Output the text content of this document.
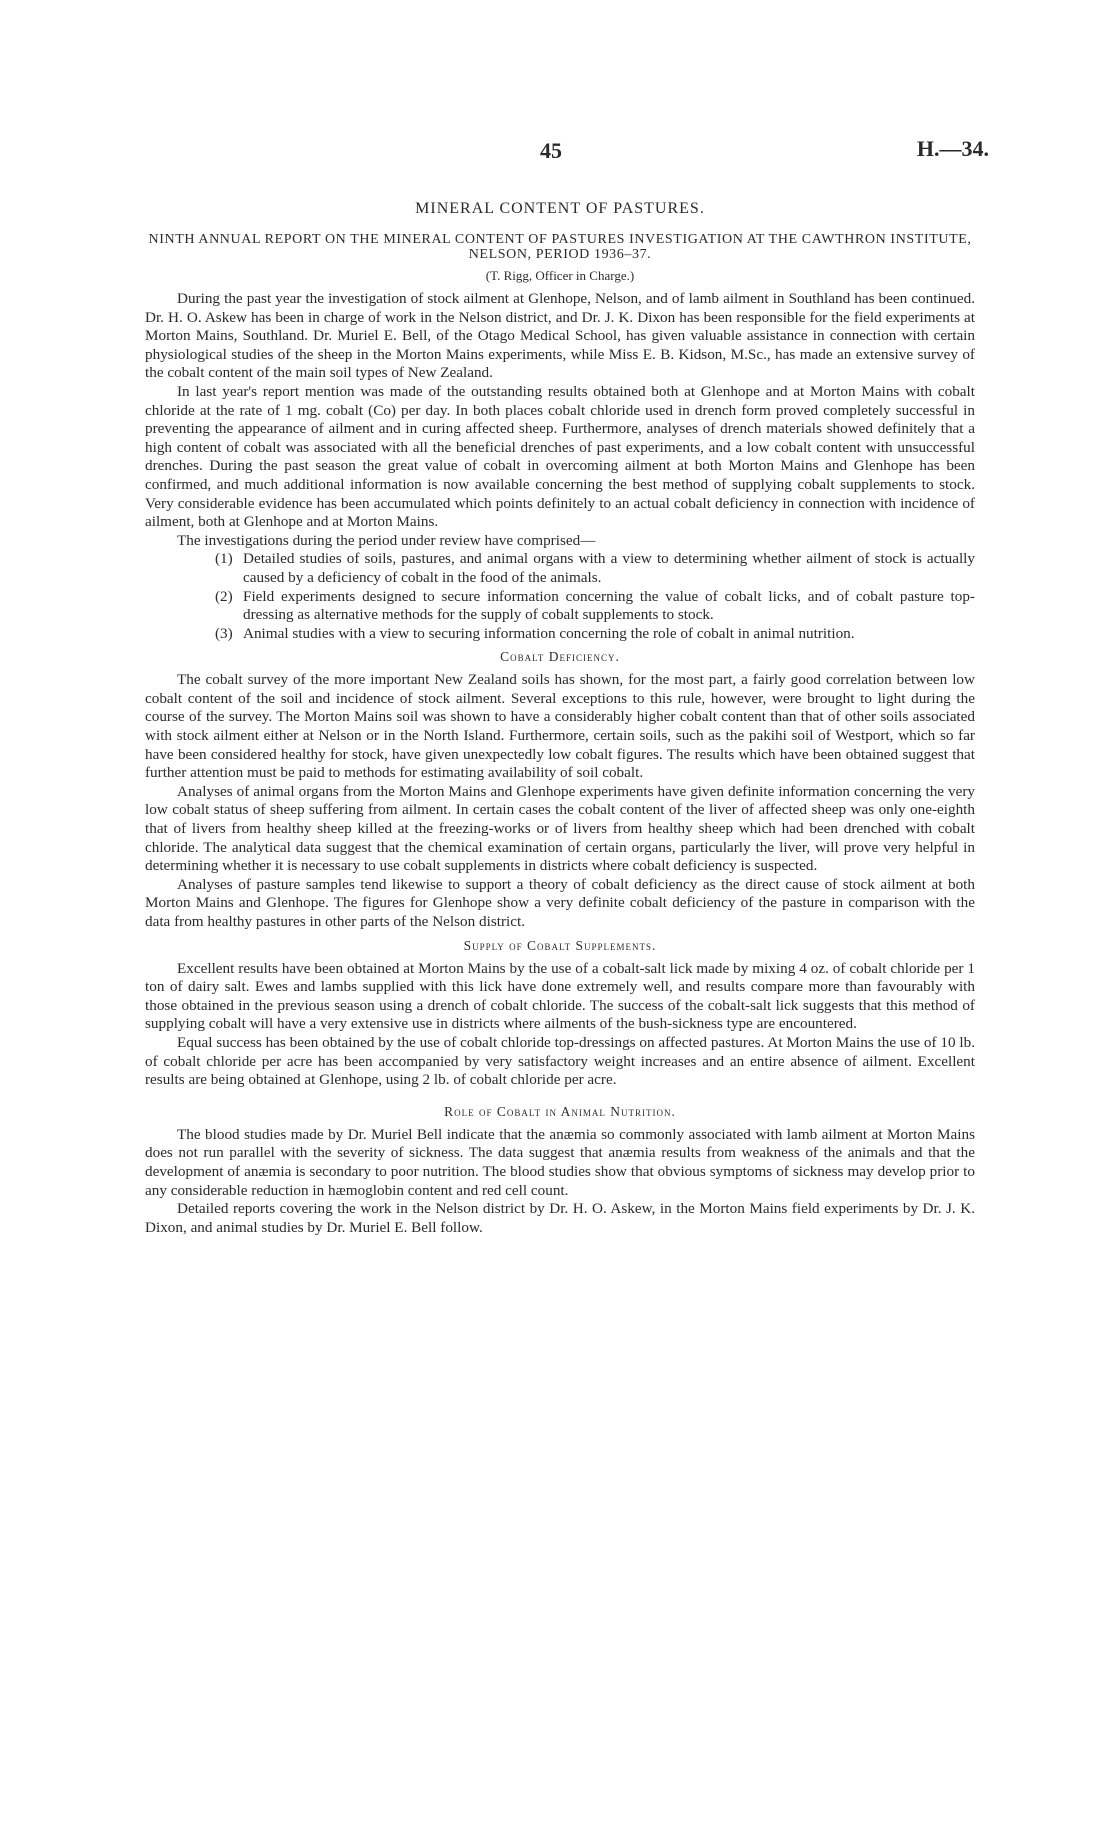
45	H.—34.
MINERAL CONTENT OF PASTURES.
NINTH ANNUAL REPORT ON THE MINERAL CONTENT OF PASTURES INVESTIGATION AT THE CAWTHRON INSTITUTE, NELSON, PERIOD 1936–37.
(T. Rigg, Officer in Charge.)

During the past year the investigation of stock ailment at Glenhope, Nelson, and of lamb ailment in Southland has been continued. Dr. H. O. Askew has been in charge of work in the Nelson district, and Dr. J. K. Dixon has been responsible for the field experiments at Morton Mains, Southland. Dr. Muriel E. Bell, of the Otago Medical School, has given valuable assistance in connection with certain physiological studies of the sheep in the Morton Mains experiments, while Miss E. B. Kidson, M.Sc., has made an extensive survey of the cobalt content of the main soil types of New Zealand.

In last year's report mention was made of the outstanding results obtained both at Glenhope and at Morton Mains with cobalt chloride at the rate of 1 mg. cobalt (Co) per day. In both places cobalt chloride used in drench form proved completely successful in preventing the appearance of ailment and in curing affected sheep. Furthermore, analyses of drench materials showed definitely that a high content of cobalt was associated with all the beneficial drenches of past experiments, and a low cobalt content with unsuccessful drenches. During the past season the great value of cobalt in overcoming ailment at both Morton Mains and Glenhope has been confirmed, and much additional information is now available concerning the best method of supplying cobalt supplements to stock. Very considerable evidence has been accumulated which points definitely to an actual cobalt deficiency in connection with incidence of ailment, both at Glenhope and at Morton Mains.

The investigations during the period under review have comprised—

(1) Detailed studies of soils, pastures, and animal organs with a view to determining whether ailment of stock is actually caused by a deficiency of cobalt in the food of the animals.
(2) Field experiments designed to secure information concerning the value of cobalt licks, and of cobalt pasture top-dressing as alternative methods for the supply of cobalt supplements to stock.
(3) Animal studies with a view to securing information concerning the role of cobalt in animal nutrition.
Cobalt Deficiency.

The cobalt survey of the more important New Zealand soils has shown, for the most part, a fairly good correlation between low cobalt content of the soil and incidence of stock ailment. Several exceptions to this rule, however, were brought to light during the course of the survey. The Morton Mains soil was shown to have a considerably higher cobalt content than that of other soils associated with stock ailment either at Nelson or in the North Island. Furthermore, certain soils, such as the pakihi soil of Westport, which so far have been considered healthy for stock, have given unexpectedly low cobalt figures. The results which have been obtained suggest that further attention must be paid to methods for estimating availability of soil cobalt.

Analyses of animal organs from the Morton Mains and Glenhope experiments have given definite information concerning the very low cobalt status of sheep suffering from ailment. In certain cases the cobalt content of the liver of affected sheep was only one-eighth that of livers from healthy sheep killed at the freezing-works or of livers from healthy sheep which had been drenched with cobalt chloride. The analytical data suggest that the chemical examination of certain organs, particularly the liver, will prove very helpful in determining whether it is necessary to use cobalt supplements in districts where cobalt deficiency is suspected.

Analyses of pasture samples tend likewise to support a theory of cobalt deficiency as the direct cause of stock ailment at both Morton Mains and Glenhope. The figures for Glenhope show a very definite cobalt deficiency of the pasture in comparison with the data from healthy pastures in other parts of the Nelson district.

Supply of Cobalt Supplements.

Excellent results have been obtained at Morton Mains by the use of a cobalt-salt lick made by mixing 4 oz. of cobalt chloride per 1 ton of dairy salt. Ewes and lambs supplied with this lick have done extremely well, and results compare more than favourably with those obtained in the previous season using a drench of cobalt chloride. The success of the cobalt-salt lick suggests that this method of supplying cobalt will have a very extensive use in districts where ailments of the bush-sickness type are encountered.

Equal success has been obtained by the use of cobalt chloride top-dressings on affected pastures. At Morton Mains the use of 10 lb. of cobalt chloride per acre has been accompanied by very satisfactory weight increases and an entire absence of ailment. Excellent results are being obtained at Glenhope, using 2 lb. of cobalt chloride per acre.

Role of Cobalt in Animal Nutrition.

The blood studies made by Dr. Muriel Bell indicate that the anæmia so commonly associated with lamb ailment at Morton Mains does not run parallel with the severity of sickness. The data suggest that anæmia results from weakness of the animals and that the development of anæmia is secondary to poor nutrition. The blood studies show that obvious symptoms of sickness may develop prior to any considerable reduction in hæmoglobin content and red cell count.

Detailed reports covering the work in the Nelson district by Dr. H. O. Askew, in the Morton Mains field experiments by Dr. J. K. Dixon, and animal studies by Dr. Muriel E. Bell follow.
